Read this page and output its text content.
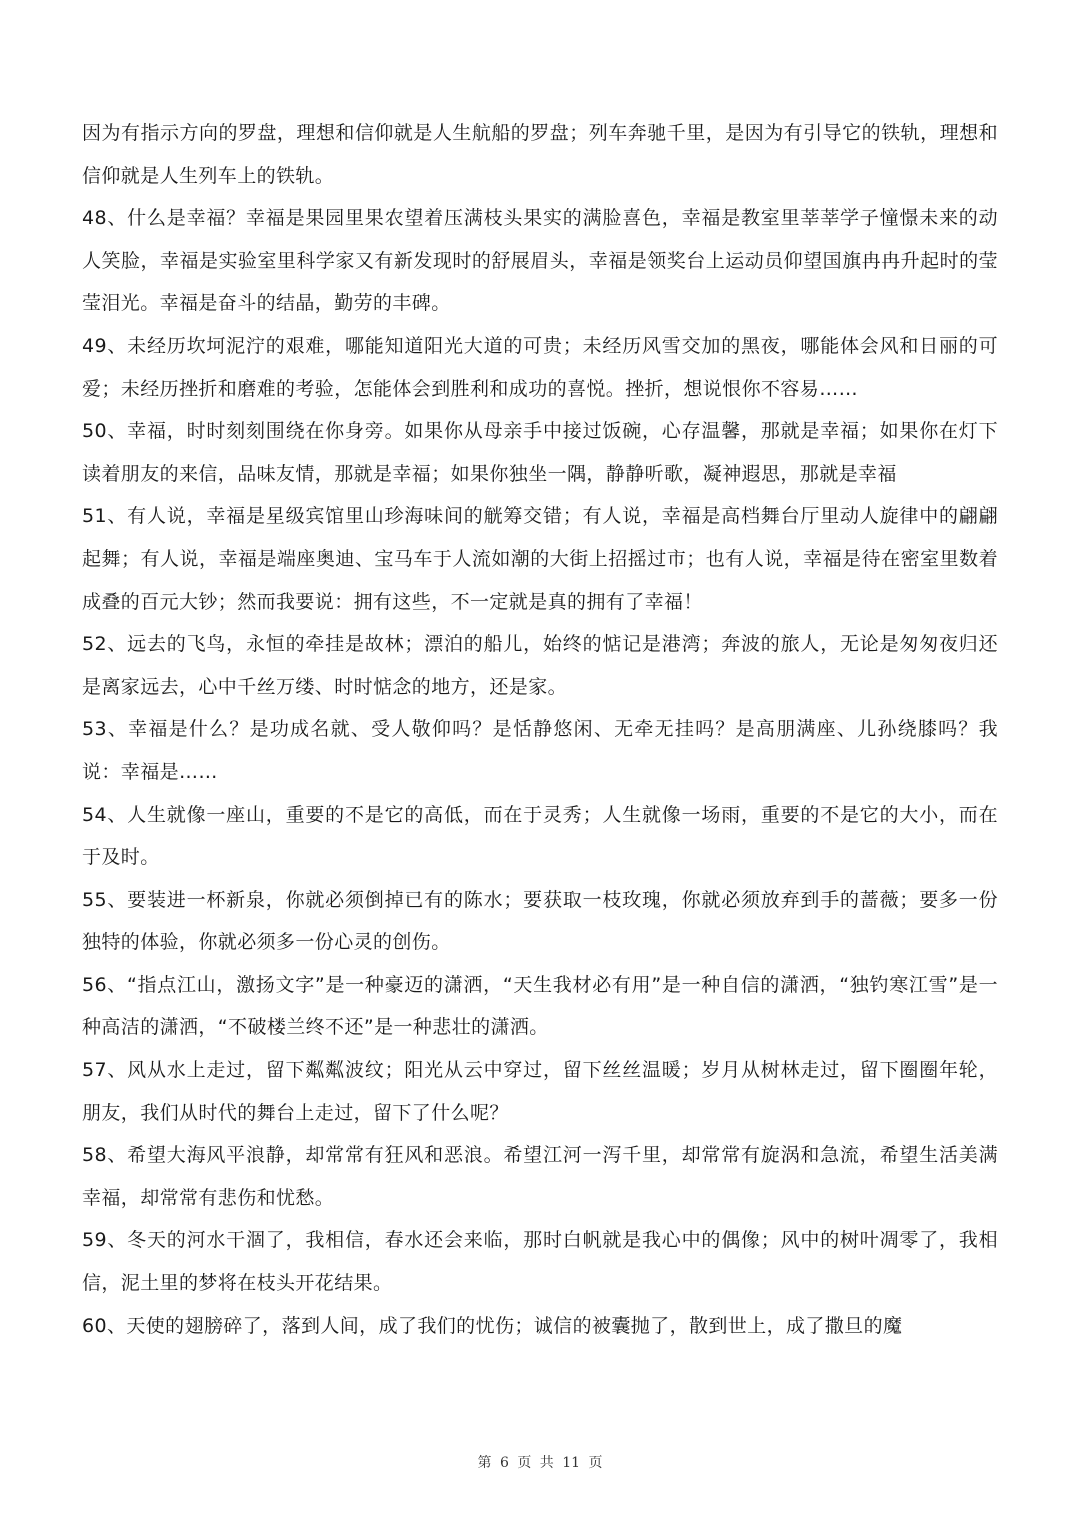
因为有指示方向的罗盘，理想和信仰就是人生航船的罗盘；列车奔驰千里，是因为有引导它的铁轨，理想和信仰就是人生列车上的铁轨。

48、什么是幸福？幸福是果园里果农望着压满枝头果实的满脸喜色，幸福是教室里莘莘学子憧憬未来的动人笑脸，幸福是实验室里科学家又有新发现时的舒展眉头，幸福是领奖台上运动员仰望国旗冉冉升起时的莹莹泪光。幸福是奋斗的结晶，勤劳的丰碑。

49、未经历坎坷泥泞的艰难，哪能知道阳光大道的可贵；未经历风雪交加的黑夜，哪能体会风和日丽的可爱；未经历挫折和磨难的考验，怎能体会到胜利和成功的喜悦。挫折，想说恨你不容易……

50、幸福，时时刻刻围绕在你身旁。如果你从母亲手中接过饭碗，心存温馨，那就是幸福；如果你在灯下读着朋友的来信，品味友情，那就是幸福；如果你独坐一隅，静静听歌，凝神遐思，那就是幸福

51、有人说，幸福是星级宾馆里山珍海味间的觥筹交错；有人说，幸福是高档舞台厅里动人旋律中的翩翩起舞；有人说，幸福是端座奥迪、宝马车于人流如潮的大街上招摇过市；也有人说，幸福是待在密室里数着成叠的百元大钞；然而我要说：拥有这些，不一定就是真的拥有了幸福！

52、远去的飞鸟，永恒的牵挂是故林；漂泊的船儿，始终的惦记是港湾；奔波的旅人，无论是匆匆夜归还是离家远去，心中千丝万缕、时时惦念的地方，还是家。

53、幸福是什么？是功成名就、受人敬仰吗？是恬静悠闲、无牵无挂吗？是高朋满座、儿孙绕膝吗？我说：幸福是……

54、人生就像一座山，重要的不是它的高低，而在于灵秀；人生就像一场雨，重要的不是它的大小，而在于及时。

55、要装进一杯新泉，你就必须倒掉已有的陈水；要获取一枝玫瑰，你就必须放弃到手的蔷薇；要多一份独特的体验，你就必须多一份心灵的创伤。

56、“指点江山，激扬文字”是一种豪迈的潇洒，“天生我材必有用”是一种自信的潇洒，“独钓寒江雪”是一种高洁的潇洒，“不破楼兰终不还”是一种悲壮的潇洒。

57、风从水上走过，留下粼粼波纹；阳光从云中穿过，留下丝丝温暖；岁月从树林走过，留下圈圈年轮，朋友，我们从时代的舞台上走过，留下了什么呢？

58、希望大海风平浪静，却常常有狂风和恶浪。希望江河一泻千里，却常常有旋涡和急流，希望生活美满幸福，却常常有悲伤和忧愁。

59、冬天的河水干涸了，我相信，春水还会来临，那时白帆就是我心中的偶像；风中的树叶凋零了，我相信，泥土里的梦将在枝头开花结果。

60、天使的翅膀碎了，落到人间，成了我们的忧伤；诚信的被囊抛了，散到世上，成了撒旦的魔

第 6 页 共 11 页
